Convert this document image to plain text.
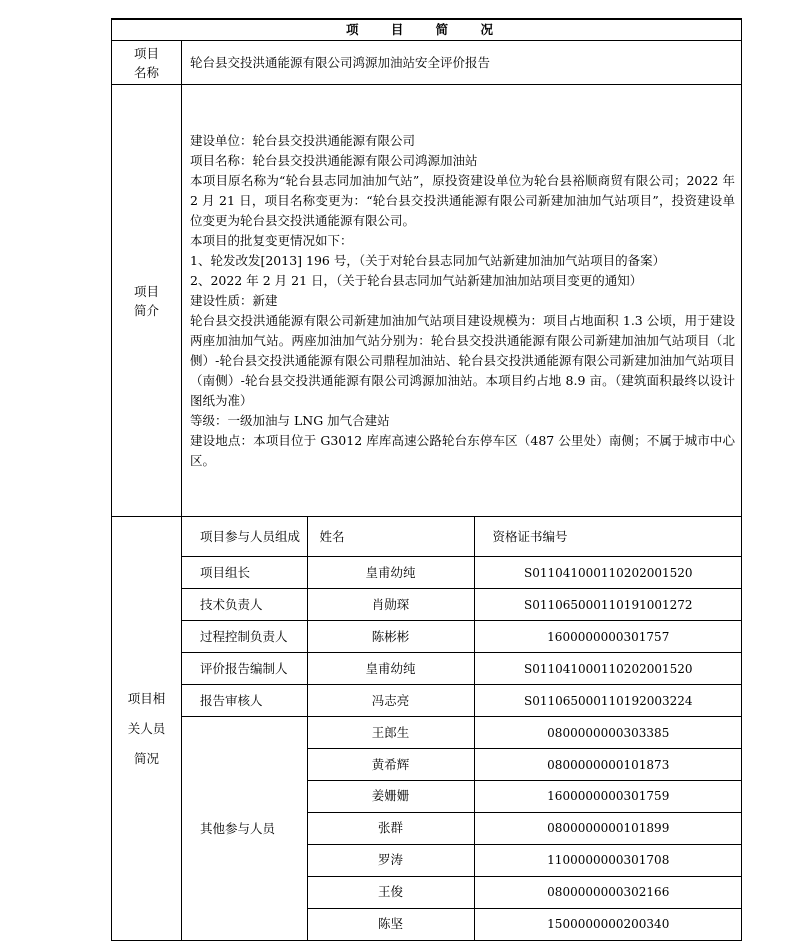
项 目 简 况

项目
名称
	轮台县交投洪通能源有限公司鸿源加油站安全评价报告

项目
简介

建设单位：轮台县交投洪通能源有限公司

项目名称：轮台县交投洪通能源有限公司鸿源加油站

本项目原名称为“轮台县志同加油加气站”，原投资建设单位为轮台县裕顺商贸有限公司；2022 年 2 月 21 日，项目名称变更为：“轮台县交投洪通能源有限公司新建加油加气站项目”，投资建设单位变更为轮台县交投洪通能源有限公司。

本项目的批复变更情况如下：

1、轮发改发[2013] 196 号，（关于对轮台县志同加气站新建加油加气站项目的备案）

2、2022 年 2 月 21 日，（关于轮台县志同加气站新建加油加站项目变更的通知）

建设性质：新建

轮台县交投洪通能源有限公司新建加油加气站项目建设规模为：项目占地面积 1.3 公顷，用于建设两座加油加气站。两座加油加气站分别为：轮台县交投洪通能源有限公司新建加油加气站项目（北侧）-轮台县交投洪通能源有限公司鼎程加油站、轮台县交投洪通能源有限公司新建加油加气站项目（南侧）-轮台县交投洪通能源有限公司鸿源加油站。本项目约占地 8.9 亩。（建筑面积最终以设计图纸为准）

等级：一级加油与 LNG 加气合建站

建设地点：本项目位于 G3012 库库高速公路轮台东停车区（487 公里处）南侧；不属于城市中心区。

项目相
关人员
简况

项目参与人员组成	姓名	资格证书编号
项目组长	皇甫幼纯	S011041000110202001520
技术负责人	肖勋琛	S011065000110191001272
过程控制负责人	陈彬彬	1600000000301757
评价报告编制人	皇甫幼纯	S011041000110202001520
报告审核人	冯志亮	S011065000110192003224
其他参与人员	王郎生	0800000000303385
黄希辉	0800000000101873
姜姗姗	1600000000301759
张群	0800000000101899
罗涛	1100000000301708
王俊	0800000000302166
陈坚	1500000000200340
